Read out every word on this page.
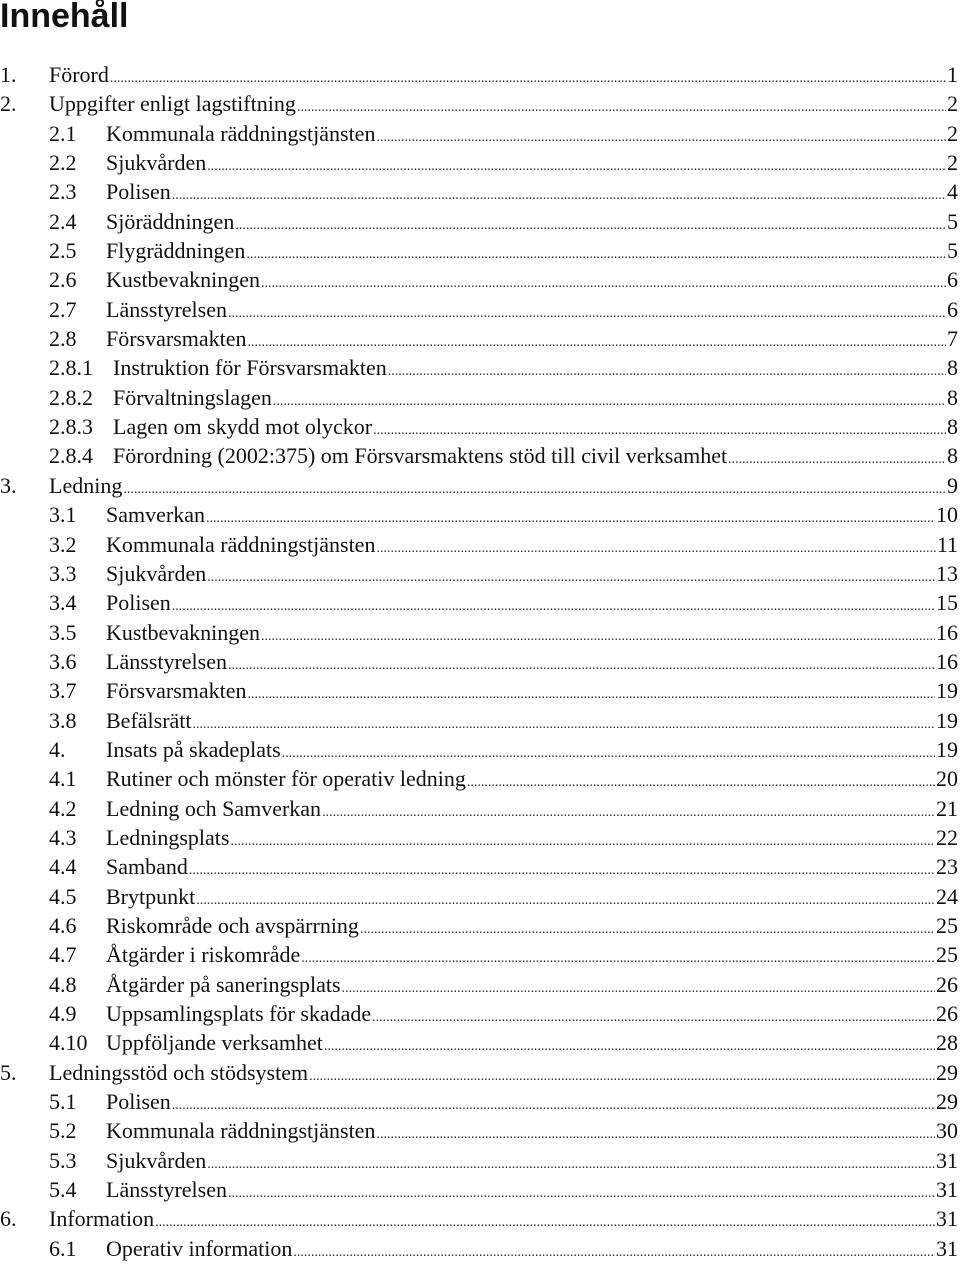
Innehåll
1. Förord .....	1
2. Uppgifter enligt lagstiftning .....	2
2.1 Kommunala räddningstjänsten .....	2
2.2 Sjukvården .....	2
2.3 Polisen .....	4
2.4 Sjöräddningen .....	5
2.5 Flygräddningen .....	5
2.6 Kustbevakningen .....	6
2.7 Länsstyrelsen .....	6
2.8 Försvarsmakten .....	7
2.8.1 Instruktion för Försvarsmakten .....	8
2.8.2 Förvaltningslagen .....	8
2.8.3 Lagen om skydd mot olyckor .....	8
2.8.4 Förordning (2002:375) om Försvarsmaktens stöd till civil verksamhet .....	8
3. Ledning .....	9
3.1 Samverkan .....	10
3.2 Kommunala räddningstjänsten .....	11
3.3 Sjukvården .....	13
3.4 Polisen .....	15
3.5 Kustbevakningen .....	16
3.6 Länsstyrelsen .....	16
3.7 Försvarsmakten .....	19
3.8 Befälsrätt .....	19
4. Insats på skadeplats .....	19
4.1 Rutiner och mönster för operativ ledning .....	20
4.2 Ledning och Samverkan .....	21
4.3 Ledningsplats .....	22
4.4 Samband .....	23
4.5 Brytpunkt .....	24
4.6 Riskområde och avspärrning .....	25
4.7 Åtgärder i riskområde .....	25
4.8 Åtgärder på saneringsplats .....	26
4.9 Uppsamlingsplats för skadade .....	26
4.10 Uppföljande verksamhet .....	28
5. Ledningsstöd och stödsystem .....	29
5.1 Polisen .....	29
5.2 Kommunala räddningstjänsten .....	30
5.3 Sjukvården .....	31
5.4 Länsstyrelsen .....	31
6. Information .....	31
6.1 Operativ information .....	31
